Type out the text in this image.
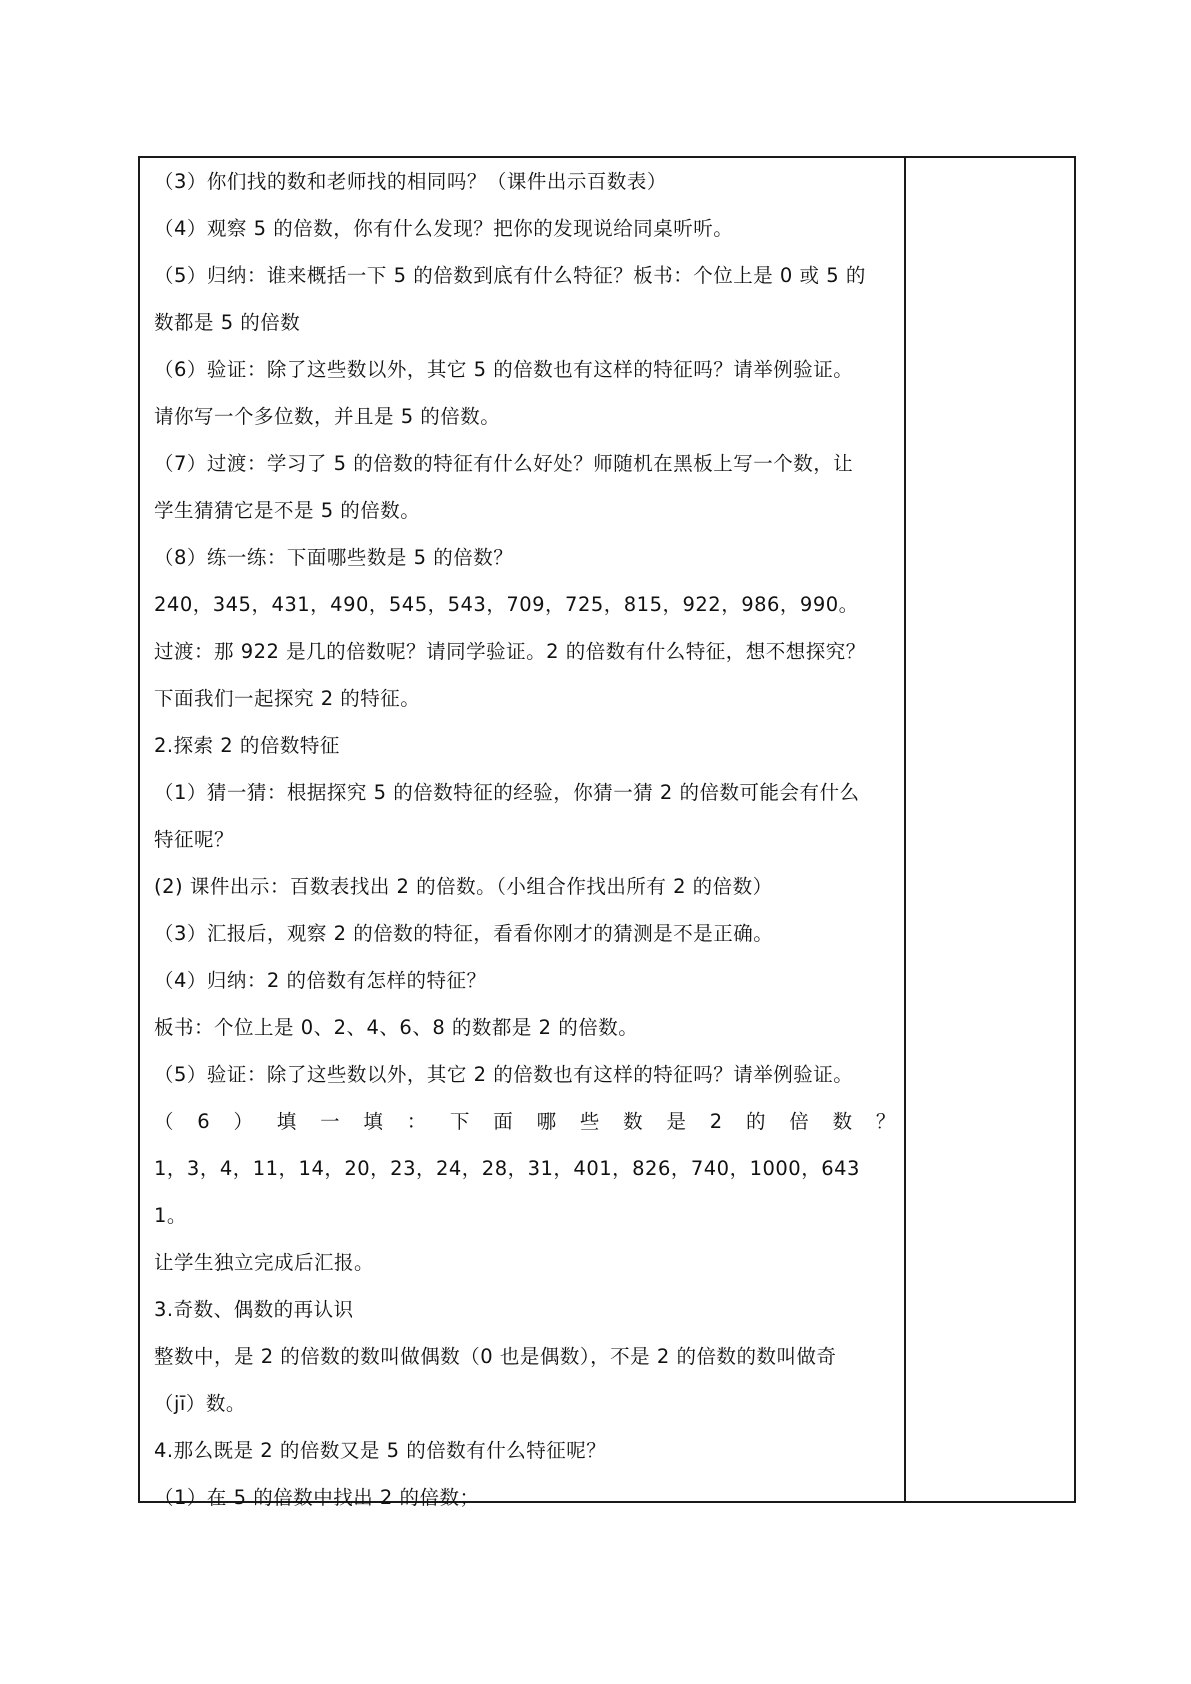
（3）你们找的数和老师找的相同吗？（课件出示百数表）
（4）观察 5 的倍数，你有什么发现？把你的发现说给同桌听听。
（5）归纳：谁来概括一下 5 的倍数到底有什么特征？板书：个位上是 0 或 5 的
数都是 5 的倍数
（6）验证：除了这些数以外，其它 5 的倍数也有这样的特征吗？请举例验证。
请你写一个多位数，并且是 5 的倍数。
（7）过渡：学习了 5 的倍数的特征有什么好处？师随机在黑板上写一个数，让
学生猜猜它是不是 5 的倍数。
（8）练一练：下面哪些数是 5 的倍数？
240，345，431，490，545，543，709，725，815，922，986，990。
过渡：那 922 是几的倍数呢？请同学验证。2 的倍数有什么特征，想不想探究？
下面我们一起探究 2 的特征。
2.探索 2 的倍数特征
（1）猜一猜：根据探究 5 的倍数特征的经验，你猜一猜 2 的倍数可能会有什么
特征呢？
(2) 课件出示：百数表找出 2 的倍数。（小组合作找出所有 2 的倍数）
（3）汇报后，观察 2 的倍数的特征，看看你刚才的猜测是不是正确。
（4）归纳：2 的倍数有怎样的特征？
板书：个位上是 0、2、4、6、8 的数都是 2 的倍数。
（5）验证：除了这些数以外，其它 2 的倍数也有这样的特征吗？请举例验证。
（ 6 ） 填 一 填 ： 下 面 哪 些 数 是 2 的 倍 数 ？
1，3，4，11，14，20，23，24，28，31，401，826，740，1000，643
1。
让学生独立完成后汇报。
3.奇数、偶数的再认识
整数中，是 2 的倍数的数叫做偶数（0 也是偶数），不是 2 的倍数的数叫做奇
（jī）数。
4.那么既是 2 的倍数又是 5 的倍数有什么特征呢？
（1）在 5 的倍数中找出 2 的倍数；
